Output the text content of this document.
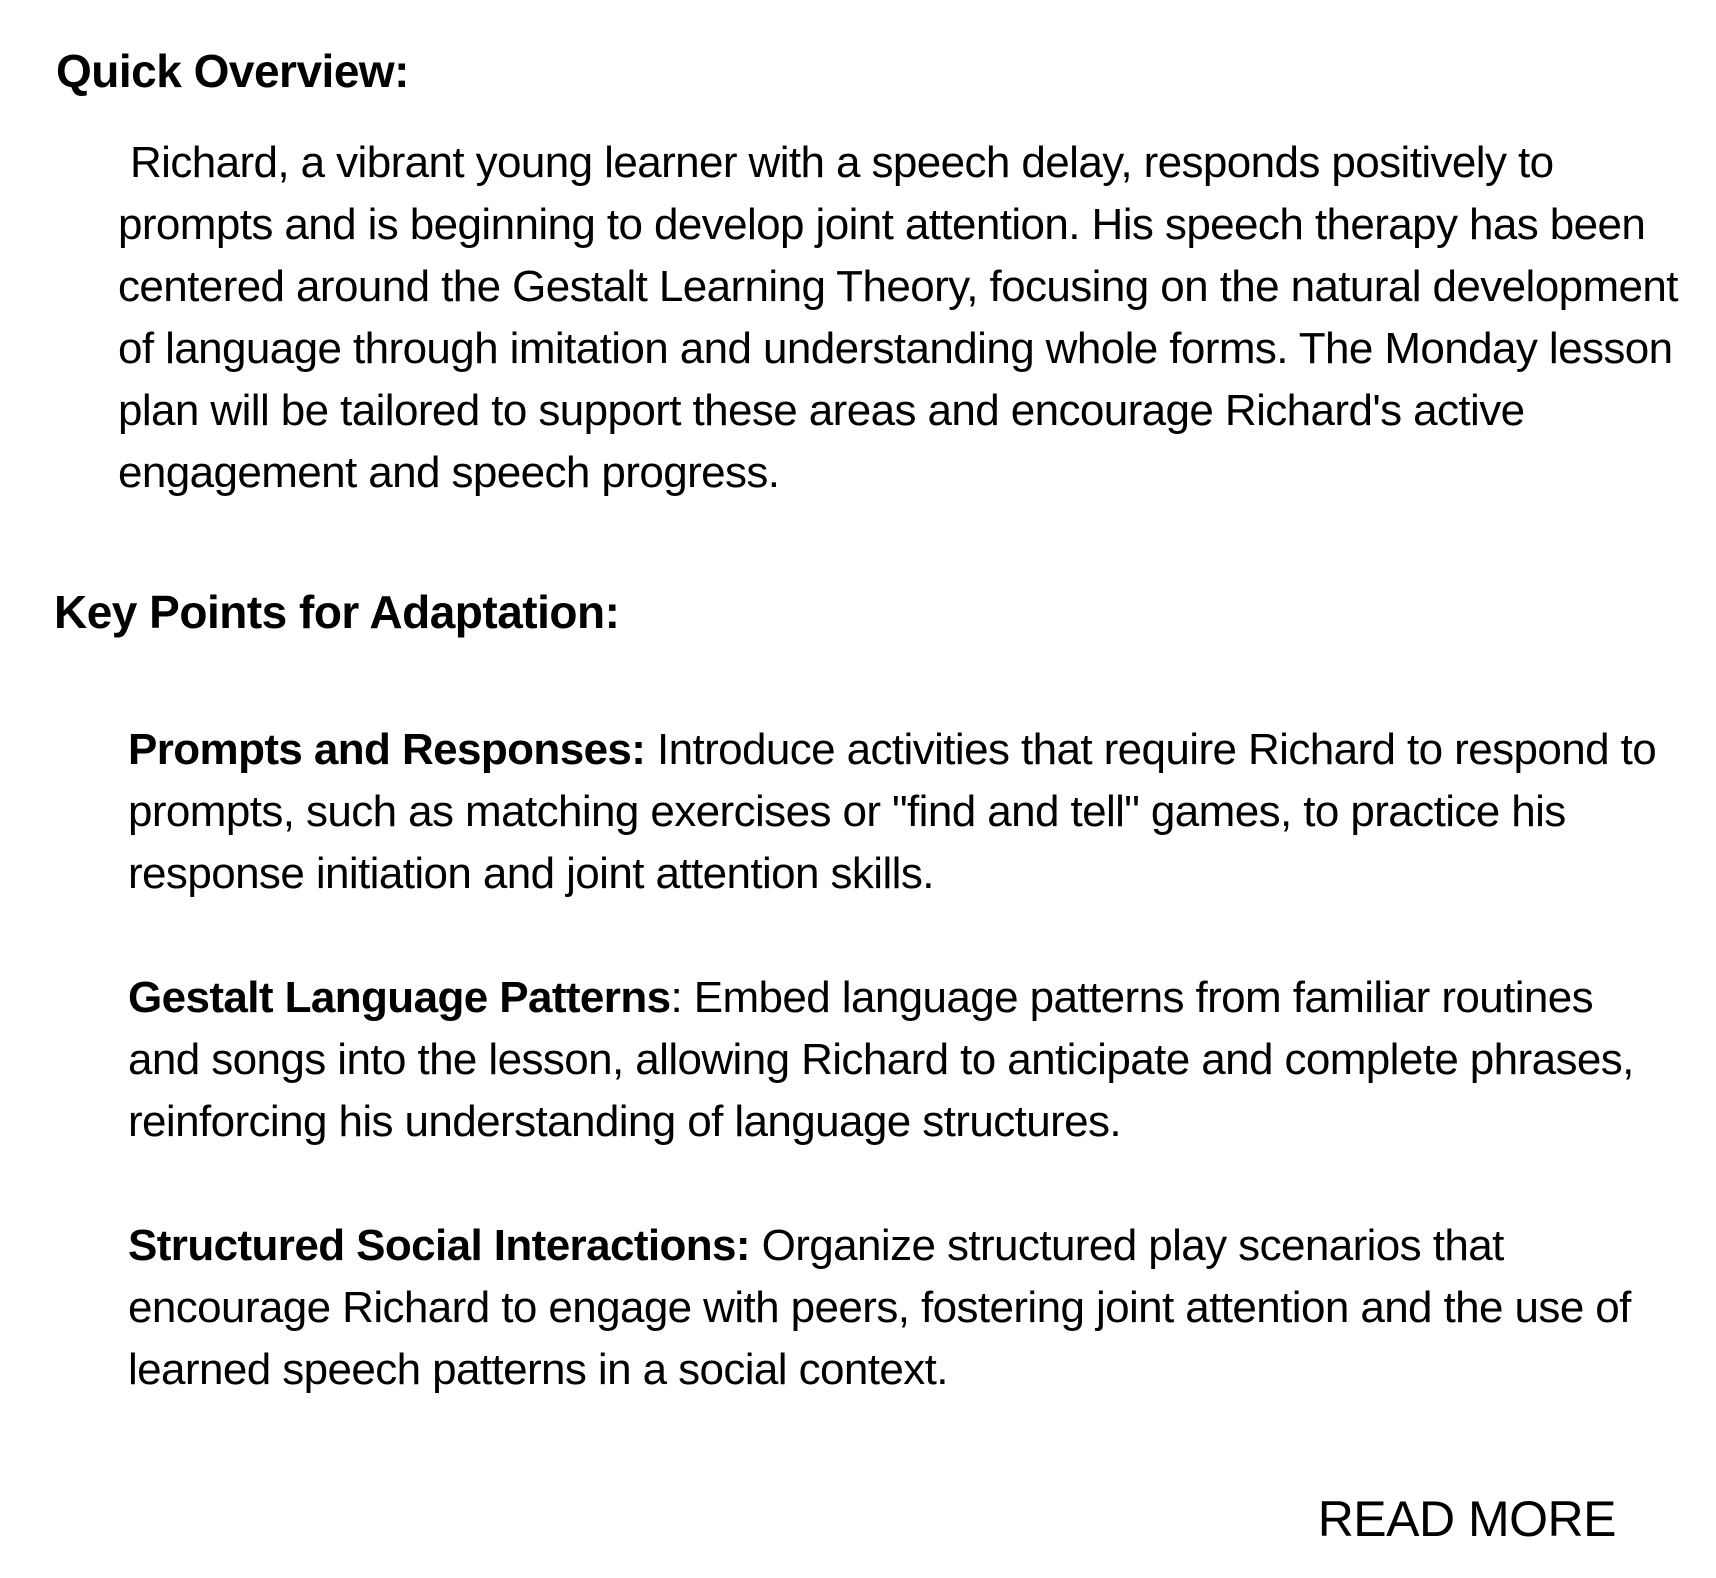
Quick Overview:

Richard, a vibrant young learner with a speech delay, responds positively to prompts and is beginning to develop joint attention. His speech therapy has been centered around the Gestalt Learning Theory, focusing on the natural development of language through imitation and understanding whole forms. The Monday lesson plan will be tailored to support these areas and encourage Richard's active engagement and speech progress.

Key Points for Adaptation:

Prompts and Responses: Introduce activities that require Richard to respond to prompts, such as matching exercises or "find and tell" games, to practice his response initiation and joint attention skills.

Gestalt Language Patterns: Embed language patterns from familiar routines and songs into the lesson, allowing Richard to anticipate and complete phrases, reinforcing his understanding of language structures.

Structured Social Interactions: Organize structured play scenarios that encourage Richard to engage with peers, fostering joint attention and the use of learned speech patterns in a social context.

READ MORE
